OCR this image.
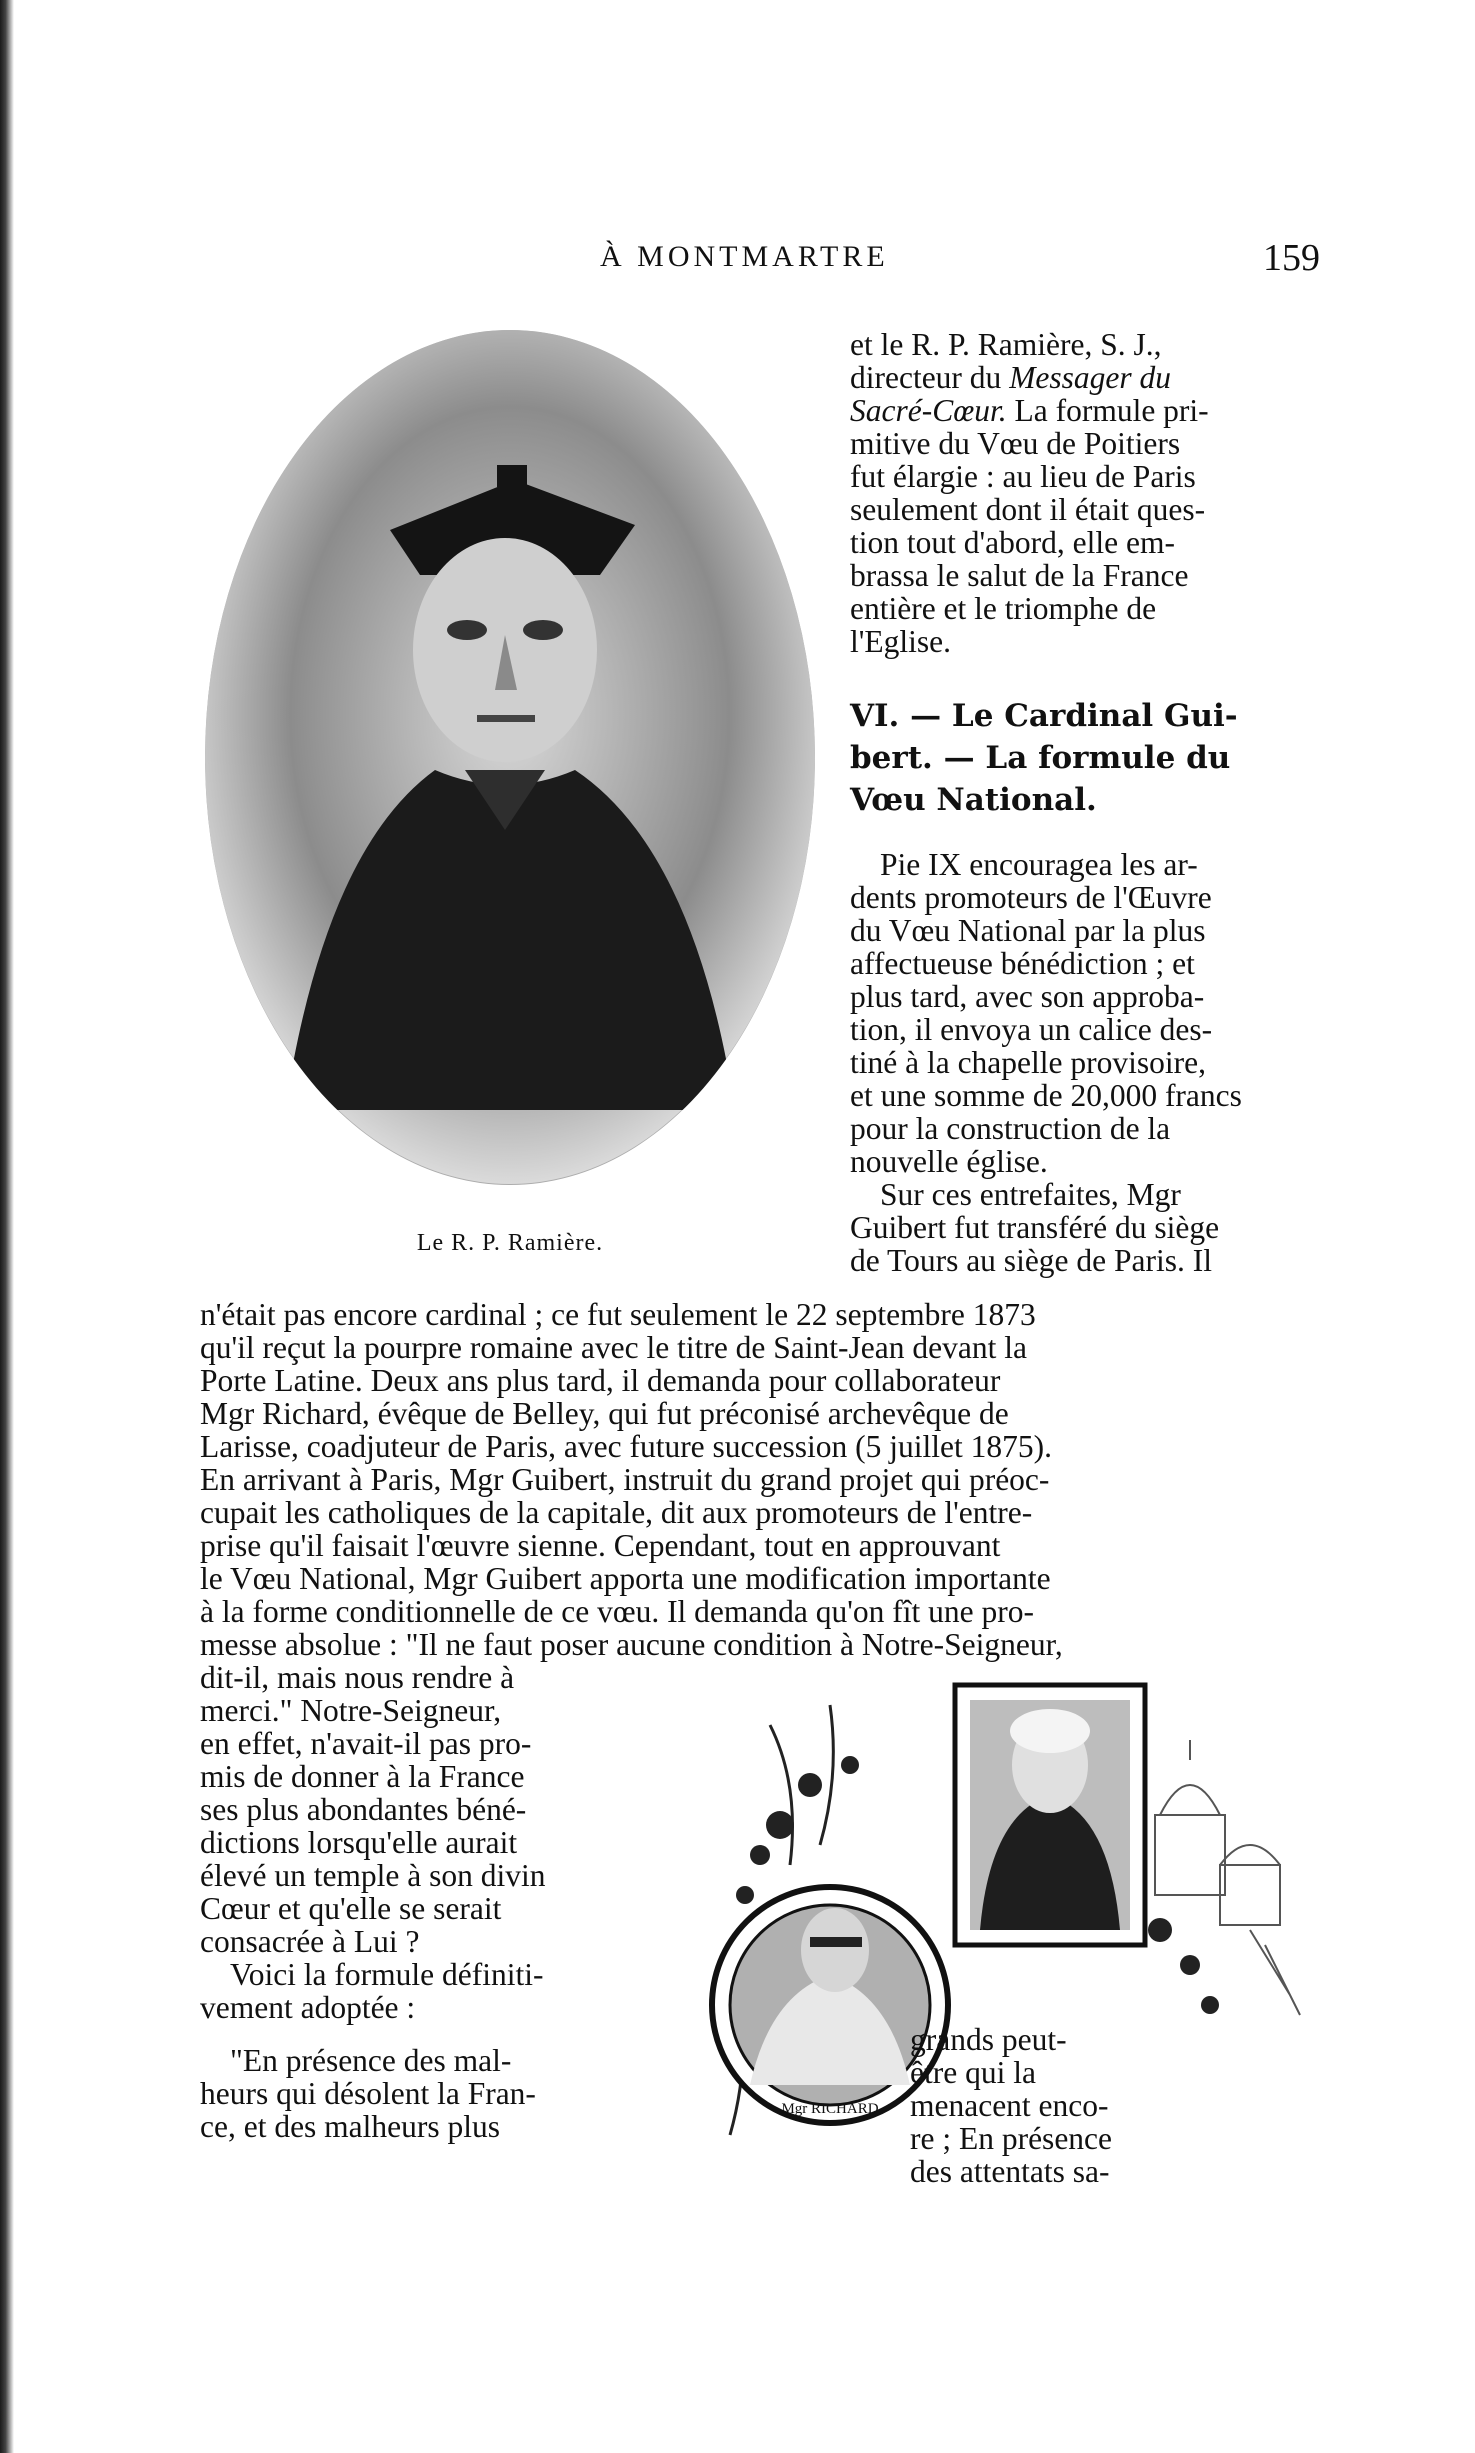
À MONTMARTRE	159
Le R. P. Ramière.
et le R. P. Ramière, S. J.,
directeur du Messager du
Sacré-Cœur. La formule pri-
mitive du Vœu de Poitiers
fut élargie : au lieu de Paris
seulement dont il était ques-
tion tout d'abord, elle em-
brassa le salut de la France
entière et le triomphe de
l'Eglise.
VI. — Le Cardinal Gui-
bert. — La formule du
Vœu National.
Pie IX encouragea les ar-
dents promoteurs de l'Œuvre
du Vœu National par la plus
affectueuse bénédiction ; et
plus tard, avec son approba-
tion, il envoya un calice des-
tiné à la chapelle provisoire,
et une somme de 20,000 francs
pour la construction de la
nouvelle église.
Sur ces entrefaites, Mgr
Guibert fut transféré du siège
de Tours au siège de Paris. Il
n'était pas encore cardinal ; ce fut seulement le 22 septembre 1873
qu'il reçut la pourpre romaine avec le titre de Saint-Jean devant la
Porte Latine. Deux ans plus tard, il demanda pour collaborateur
Mgr Richard, évêque de Belley, qui fut préconisé archevêque de
Larisse, coadjuteur de Paris, avec future succession (5 juillet 1875).
En arrivant à Paris, Mgr Guibert, instruit du grand projet qui préoc-
cupait les catholiques de la capitale, dit aux promoteurs de l'entre-
prise qu'il faisait l'œuvre sienne. Cependant, tout en approuvant
le Vœu National, Mgr Guibert apporta une modification importante
à la forme conditionnelle de ce vœu. Il demanda qu'on fît une pro-
messe absolue : "Il ne faut poser aucune condition à Notre-Seigneur,
dit-il, mais nous rendre à
merci." Notre-Seigneur,
en effet, n'avait-il pas pro-
mis de donner à la France
ses plus abondantes béné-
dictions lorsqu'elle aurait
élevé un temple à son divin
Cœur et qu'elle se serait
consacrée à Lui ?
Voici la formule définiti-
vement adoptée :
"En présence des mal-
heurs qui désolent la Fran-
ce, et des malheurs plus	Mgr RICHARD
grands peut-
être qui la
menacent enco-
re ; En présence
des attentats sa-
